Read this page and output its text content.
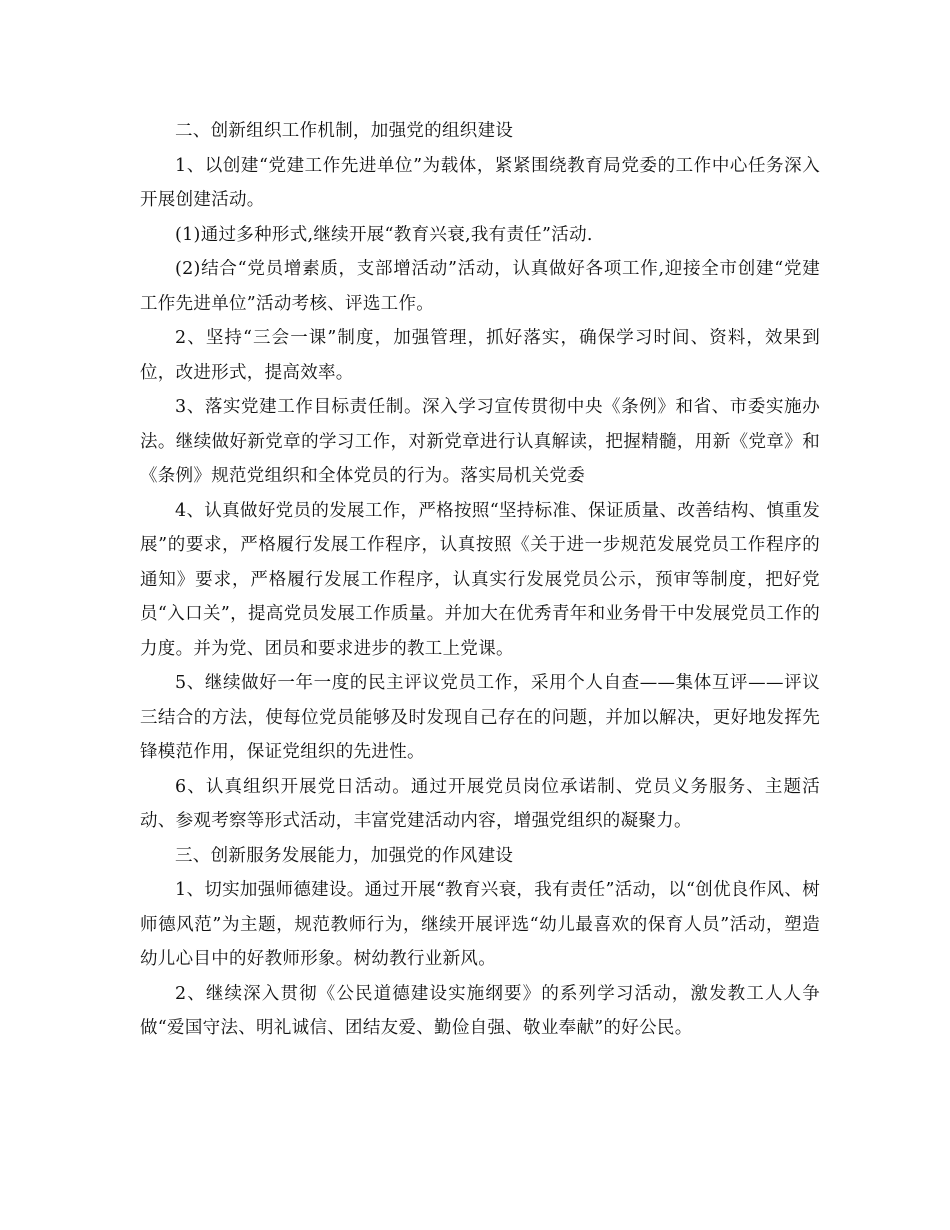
二、创新组织工作机制，加强党的组织建设

1、以创建“党建工作先进单位”为载体，紧紧围绕教育局党委的工作中心任务深入开展创建活动。

(1)通过多种形式,继续开展“教育兴衰,我有责任”活动.

(2)结合“党员增素质，支部增活动”活动，认真做好各项工作,迎接全市创建“党建工作先进单位”活动考核、评选工作。

2、坚持“三会一课”制度，加强管理，抓好落实，确保学习时间、资料，效果到位，改进形式，提高效率。

3、落实党建工作目标责任制。深入学习宣传贯彻中央《条例》和省、市委实施办法。继续做好新党章的学习工作，对新党章进行认真解读，把握精髓，用新《党章》和《条例》规范党组织和全体党员的行为。落实局机关党委

4、认真做好党员的发展工作，严格按照“坚持标准、保证质量、改善结构、慎重发展”的要求，严格履行发展工作程序，认真按照《关于进一步规范发展党员工作程序的通知》要求，严格履行发展工作程序，认真实行发展党员公示，预审等制度，把好党员“入口关”，提高党员发展工作质量。并加大在优秀青年和业务骨干中发展党员工作的力度。并为党、团员和要求进步的教工上党课。

5、继续做好一年一度的民主评议党员工作，采用个人自查——集体互评——评议三结合的方法，使每位党员能够及时发现自己存在的问题，并加以解决，更好地发挥先锋模范作用，保证党组织的先进性。

6、认真组织开展党日活动。通过开展党员岗位承诺制、党员义务服务、主题活动、参观考察等形式活动，丰富党建活动内容，增强党组织的凝聚力。

三、创新服务发展能力，加强党的作风建设

1、切实加强师德建设。通过开展“教育兴衰，我有责任”活动，以“创优良作风、树师德风范”为主题，规范教师行为，继续开展评选“幼儿最喜欢的保育人员”活动，塑造幼儿心目中的好教师形象。树幼教行业新风。

2、继续深入贯彻《公民道德建设实施纲要》的系列学习活动，激发教工人人争做“爱国守法、明礼诚信、团结友爱、勤俭自强、敬业奉献”的好公民。
